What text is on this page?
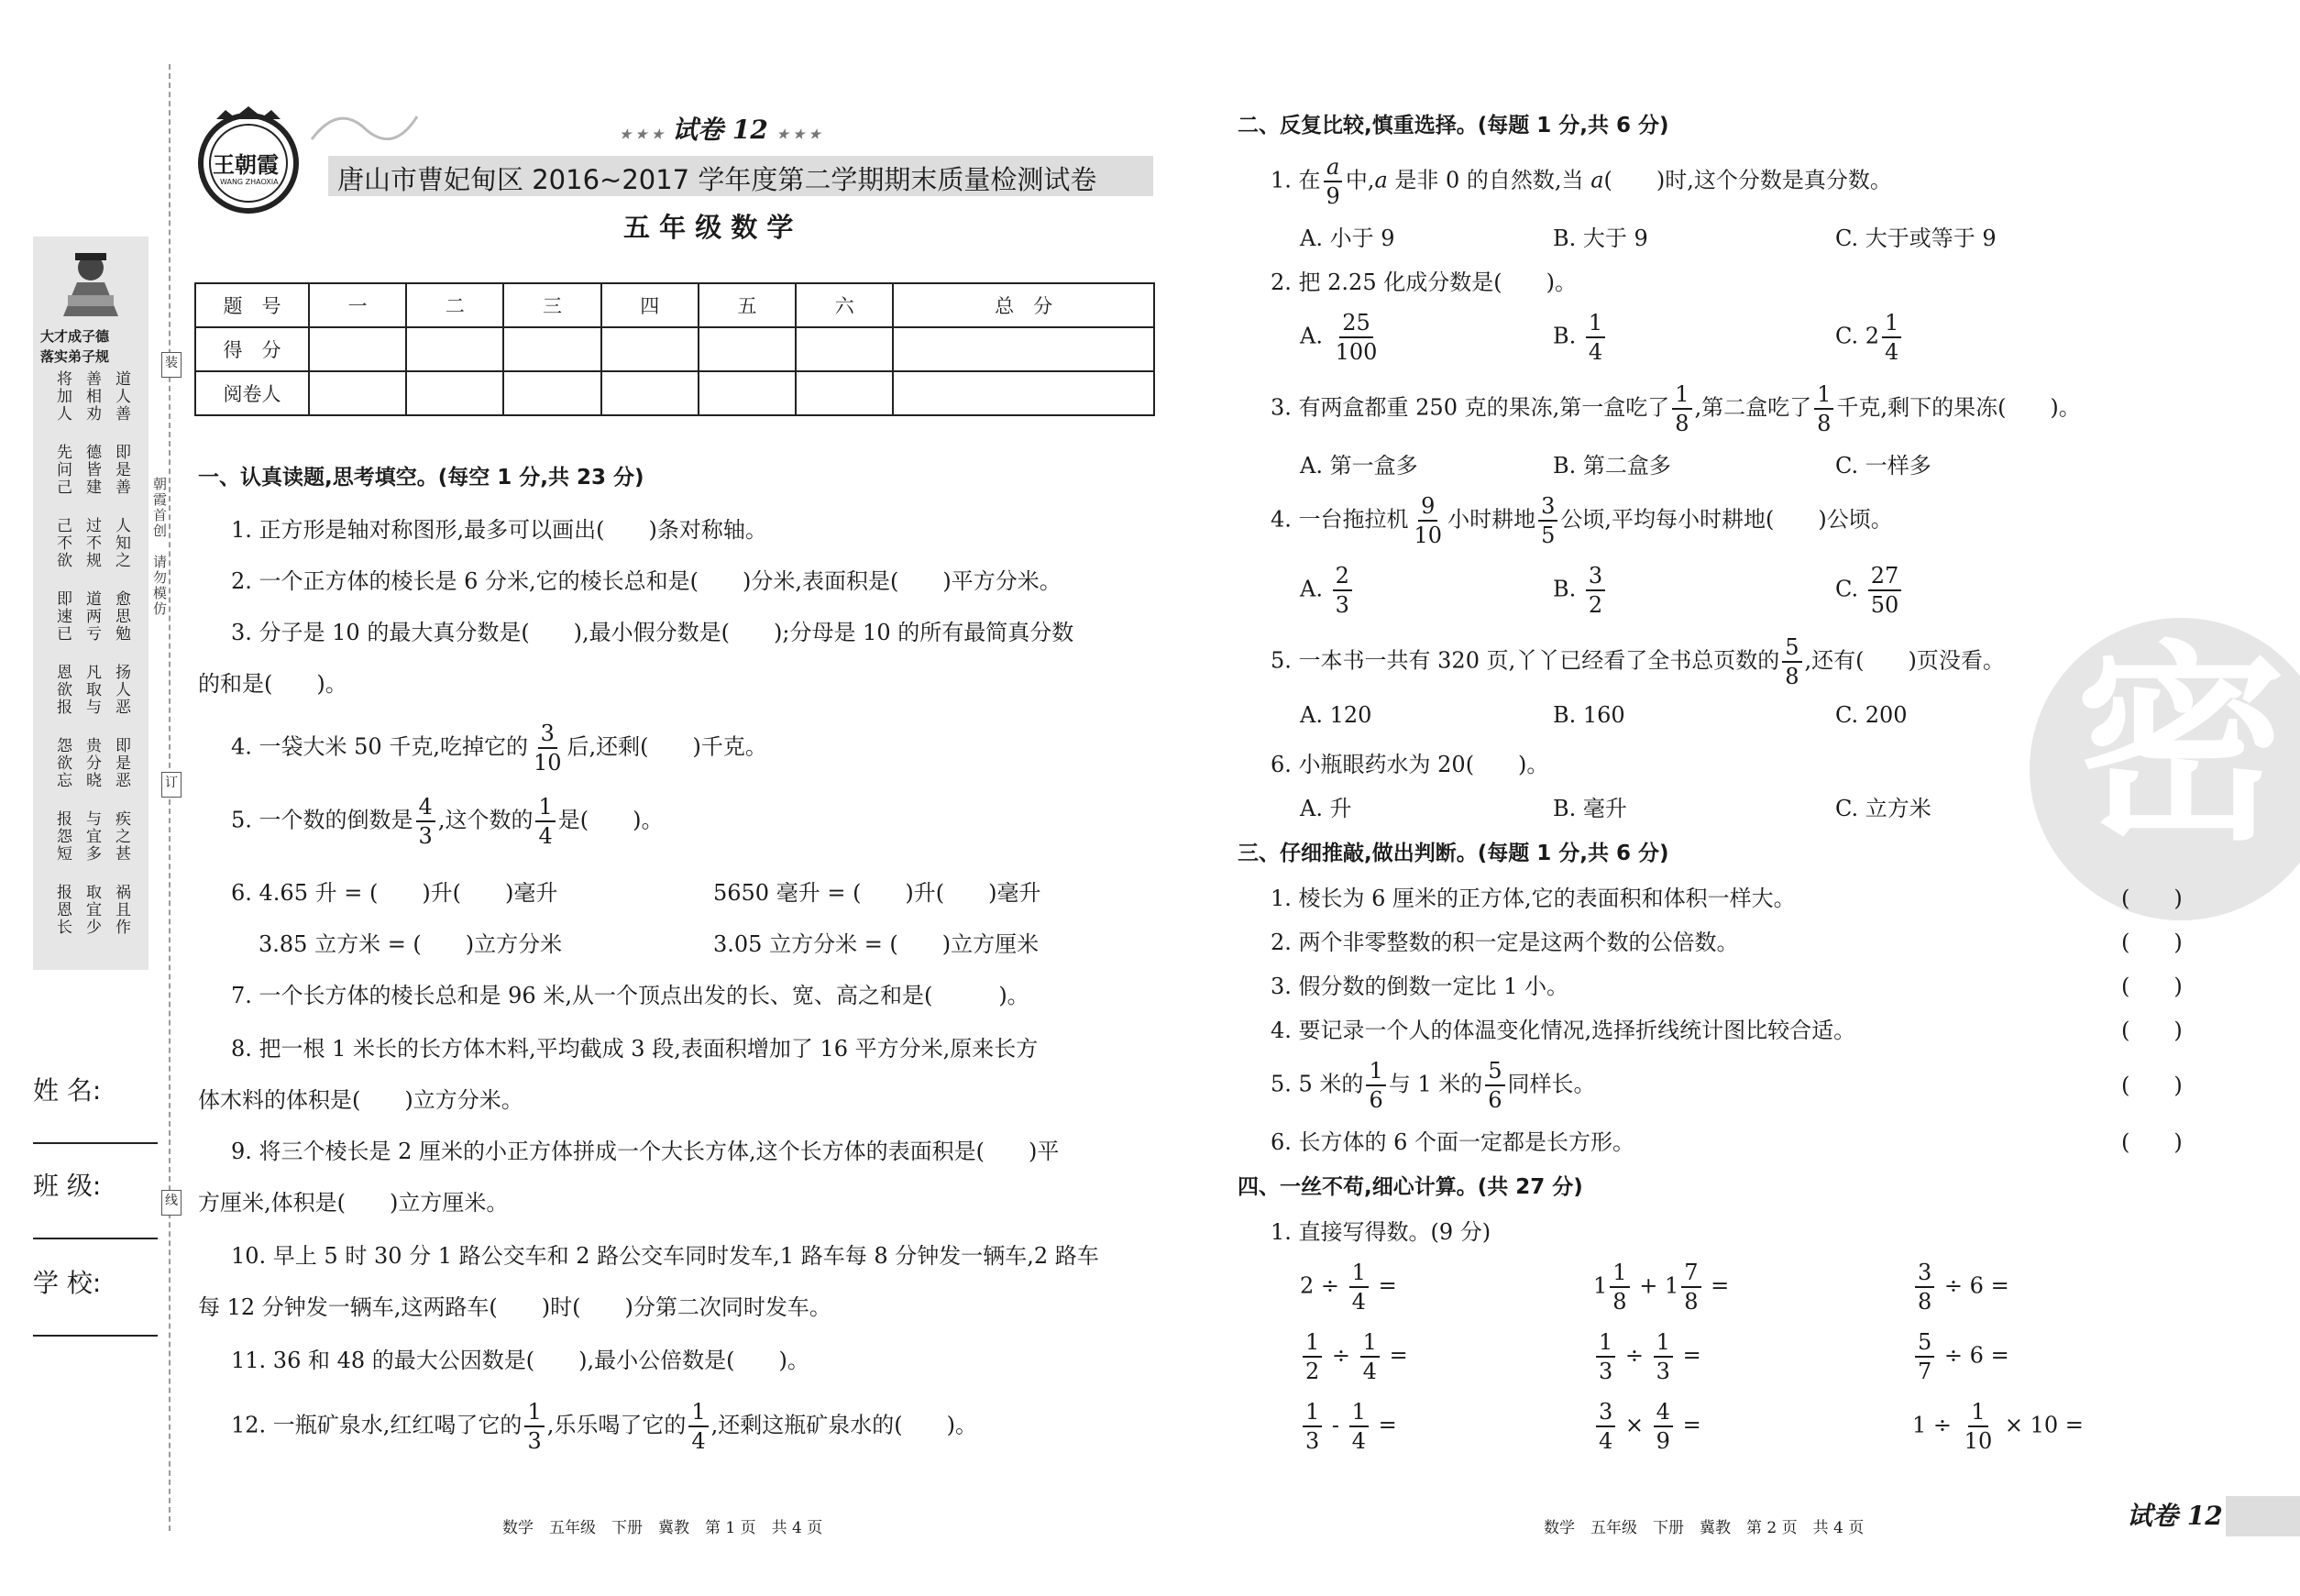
大才成子德
落实弟子规
道人善
善相劝
将加人
即是善
德皆建
先问己
人知之
过不规
己不欲
愈思勉
道两亏
即速已
扬人恶
凡取与
恩欲报
即是恶
贵分晓
怨欲忘
疾之甚
与宜多
报怨短
祸且作
取宜少
报恩长
朝霞首创　请勿模仿
装
订
线
姓 名:
班 级:
学 校:
王朝霞
WANG ZHAOXIA
★ ★ ★ 试卷 12 ★ ★ ★
唐山市曹妃甸区 2016~2017 学年度第二学期期末质量检测试卷
五 年 级 数 学
题　号	一	二	三	四	五	六	总　分
得　分							
阅卷人							
一、认真读题,思考填空。(每空 1 分,共 23 分)
1. 正方形是轴对称图形,最多可以画出(　　)条对称轴。
2. 一个正方体的棱长是 6 分米,它的棱长总和是(　　)分米,表面积是(　　)平方分米。
3. 分子是 10 的最大真分数是(　　),最小假分数是(　　);分母是 10 的所有最简真分数
的和是(　　)。
4. 一袋大米 50 千克,吃掉它的 $\frac{3}{10}$ 后,还剩(　　)千克。
5. 一个数的倒数是 $\frac{4}{3}$ ,这个数的 $\frac{1}{4}$ 是(　　)。
6. 4.65 升 = (　　)升(　　)毫升	5650 毫升 = (　　)升(　　)毫升
3.85 立方米 = (　　)立方分米	3.05 立方分米 = (　　)立方厘米
7. 一个长方体的棱长总和是 96 米,从一个顶点出发的长、宽、高之和是(　　　)。
8. 把一根 1 米长的长方体木料,平均截成 3 段,表面积增加了 16 平方分米,原来长方
体木料的体积是(　　)立方分米。
9. 将三个棱长是 2 厘米的小正方体拼成一个大长方体,这个长方体的表面积是(　　)平
方厘米,体积是(　　)立方厘米。
10. 早上 5 时 30 分 1 路公交车和 2 路公交车同时发车,1 路车每 8 分钟发一辆车,2 路车
每 12 分钟发一辆车,这两路车(　　)时(　　)分第二次同时发车。
11. 36 和 48 的最大公因数是(　　),最小公倍数是(　　)。
12. 一瓶矿泉水,红红喝了它的 $\frac{1}{3}$ ,乐乐喝了它的 $\frac{1}{4}$ ,还剩这瓶矿泉水的(　　)。
数学　五年级　下册　冀教　第 1 页　共 4 页
密
二、反复比较,慎重选择。(每题 1 分,共 6 分)
1. 在 $\frac{a}{9}$ 中,a 是非 0 的自然数,当 a(　　)时,这个分数是真分数。
A. 小于 9	B. 大于 9	C. 大于或等于 9
2. 把 2.25 化成分数是(　　)。
A. $\frac{25}{100}$	B. $\frac{1}{4}$	C. $2 \frac{1}{4}$
3. 有两盒都重 250 克的果冻,第一盒吃了 $\frac{1}{8}$ ,第二盒吃了 $\frac{1}{8}$ 千克,剩下的果冻(　　)。
A. 第一盒多	B. 第二盒多	C. 一样多
4. 一台拖拉机 $\frac{9}{10}$ 小时耕地 $\frac{3}{5}$ 公顷,平均每小时耕地(　　)公顷。
A. $\frac{2}{3}$	B. $\frac{3}{2}$	C. $\frac{27}{50}$
5. 一本书一共有 320 页,丫丫已经看了全书总页数的 $\frac{5}{8}$ ,还有(　　)页没看。
A. 120	B. 160	C. 200
6. 小瓶眼药水为 20(　　)。
A. 升	B. 毫升	C. 立方米
三、仔细推敲,做出判断。(每题 1 分,共 6 分)
1. 棱长为 6 厘米的正方体,它的表面积和体积一样大。	(　　)
2. 两个非零整数的积一定是这两个数的公倍数。	(　　)
3. 假分数的倒数一定比 1 小。	(　　)
4. 要记录一个人的体温变化情况,选择折线统计图比较合适。	(　　)
5. 5 米的 $\frac{1}{6}$ 与 1 米的 $\frac{5}{6}$ 同样长。	(　　)
6. 长方体的 6 个面一定都是长方形。	(　　)
四、一丝不苟,细心计算。(共 27 分)
1. 直接写得数。(9 分)
$2 \div \frac{1}{4}$ =	$1 \frac{1}{8} + 1 \frac{7}{8}$ =	$\frac{3}{8} \div 6$ =
$\frac{1}{2} \div \frac{1}{4}$ =	$\frac{1}{3} \div \frac{1}{3}$ =	$\frac{5}{7} \div 6$ =
$\frac{1}{3} - \frac{1}{4}$ =	$\frac{3}{4} \times \frac{4}{9}$ =	$1 \div \frac{1}{10} \times 10$ =
数学　五年级　下册　冀教　第 2 页　共 4 页	试卷 12
